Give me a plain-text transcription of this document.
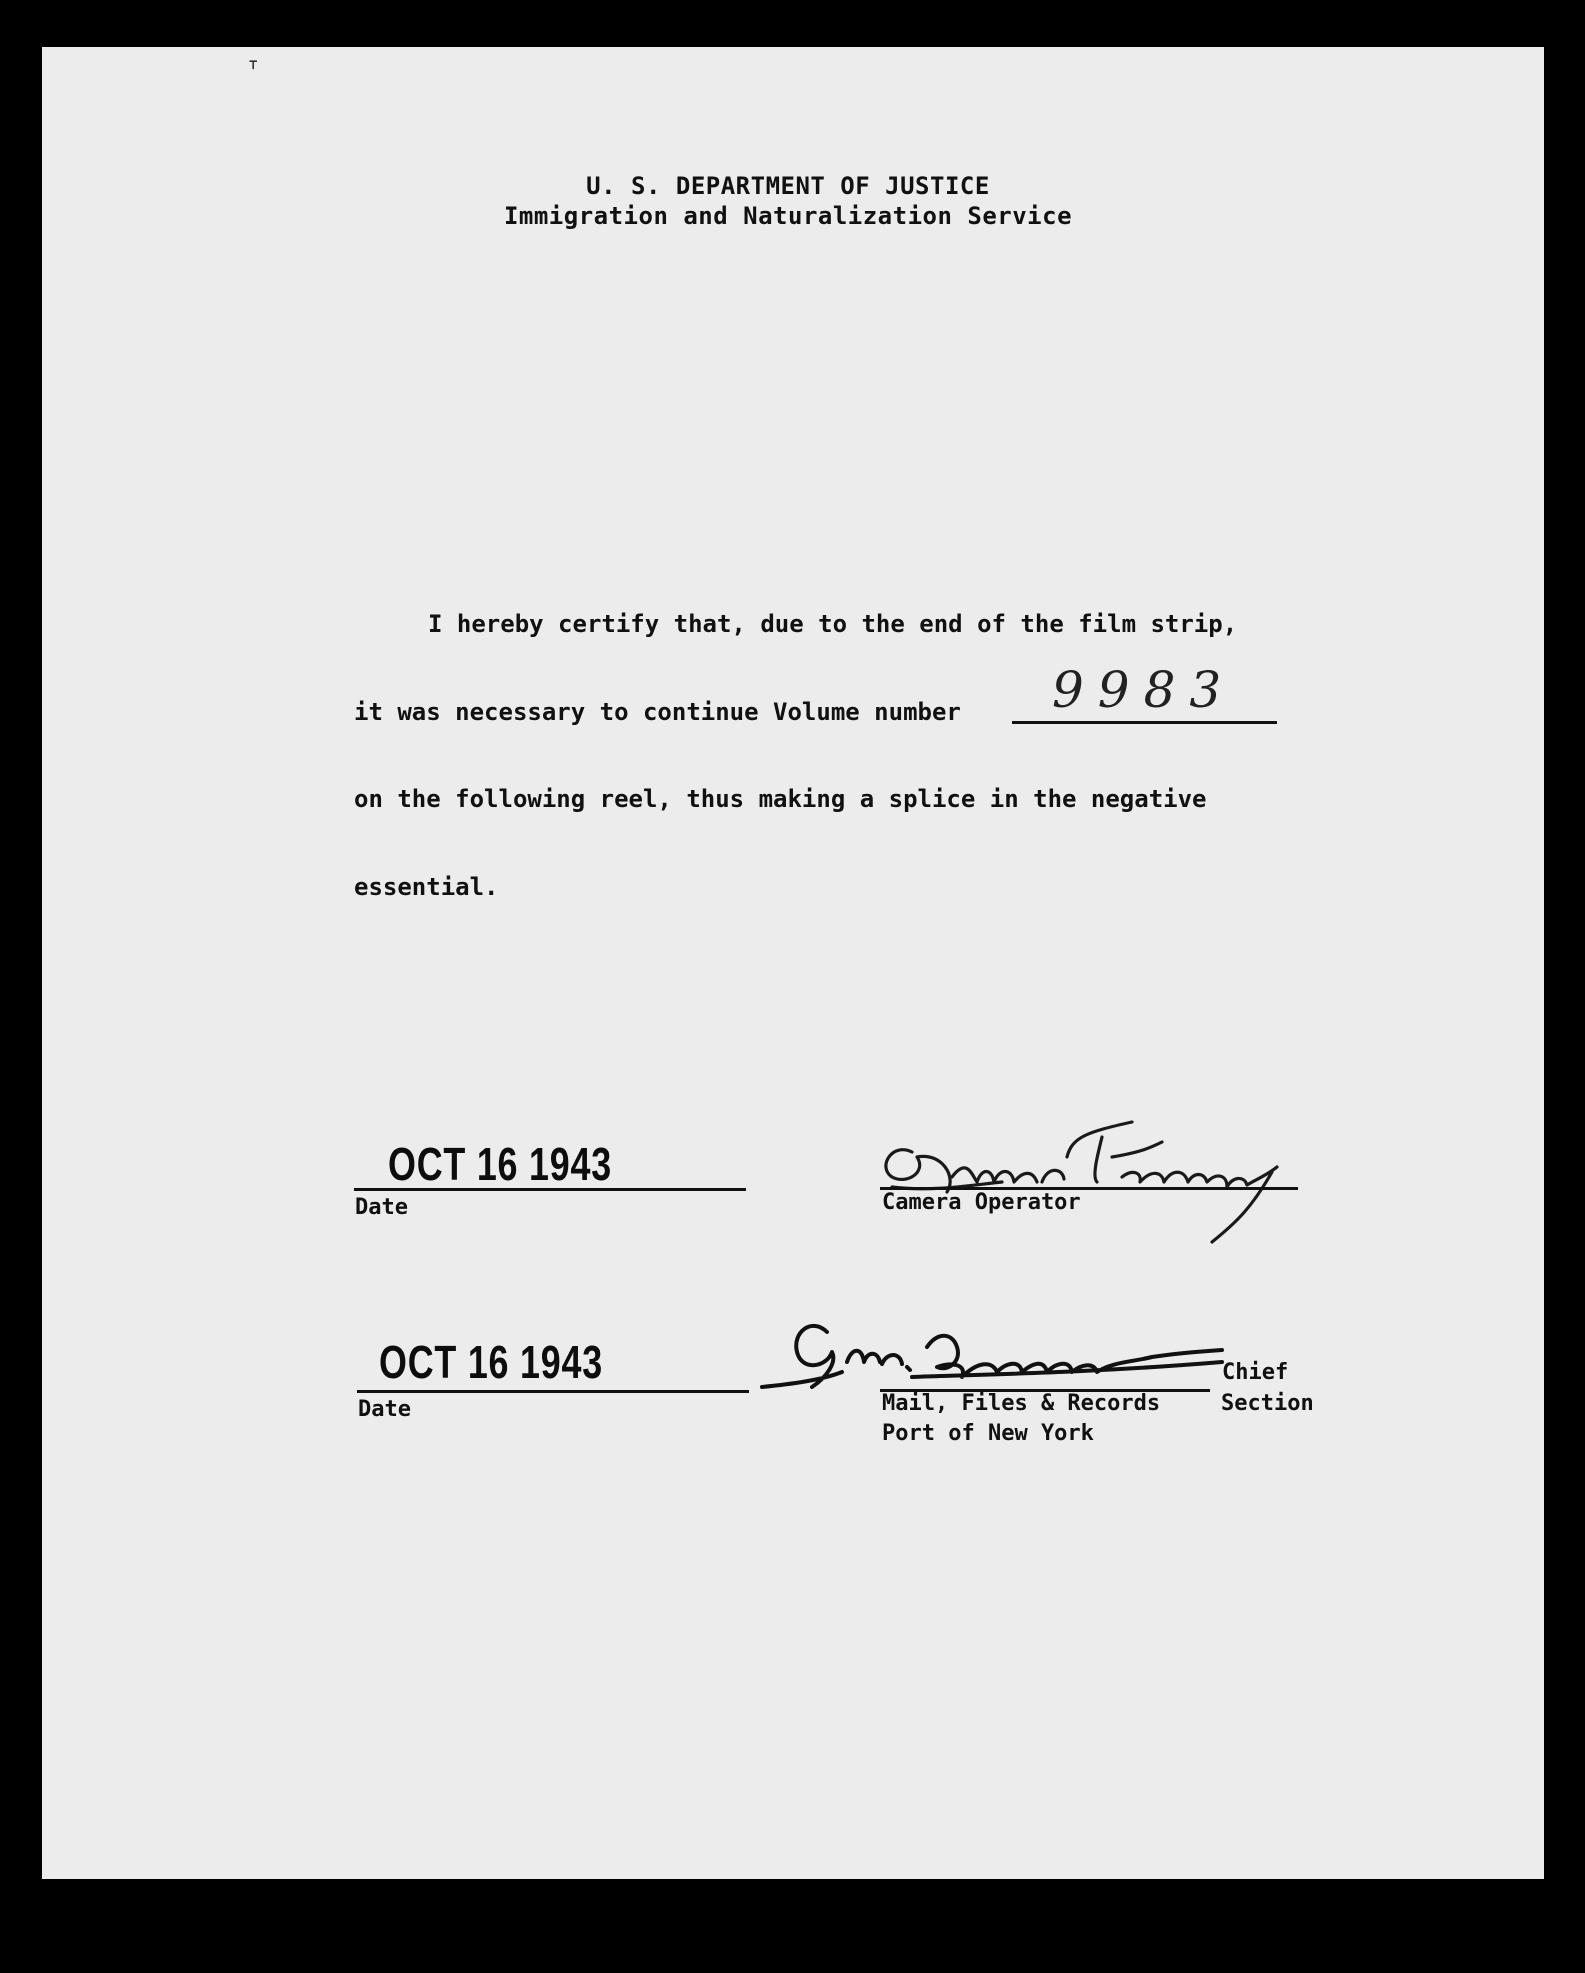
⊤
U. S. DEPARTMENT OF JUSTICE
Immigration and Naturalization Service
I hereby certify that, due to the end of the film strip,
it was necessary to continue Volume number 9983
on the following reel, thus making a splice in the negative
essential.
OCT 16 1943
Date	Camera Operator
OCT 16 1943
Date
Chief
Mail, Files & Records	Section
Port of New York
